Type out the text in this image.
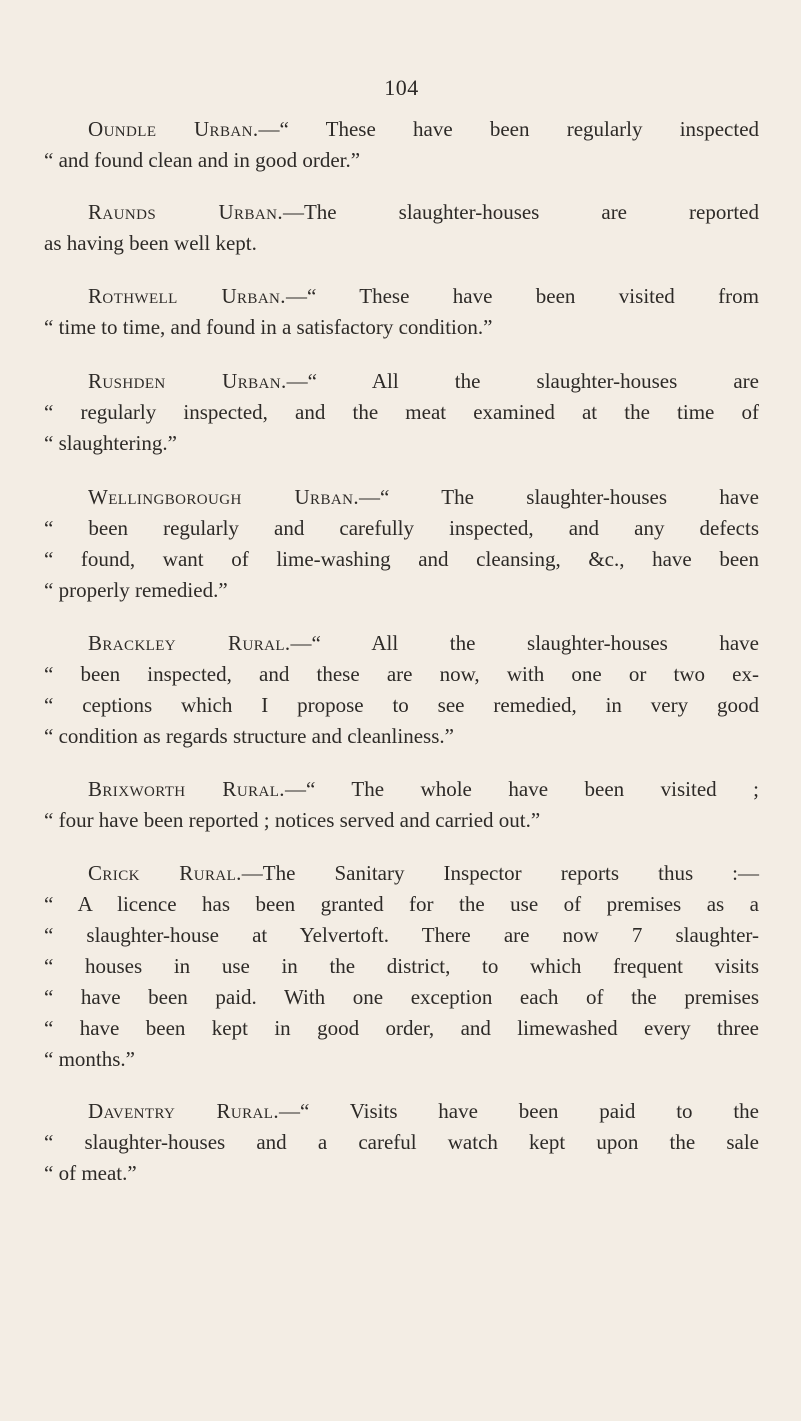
104
Oundle Urban.—“ These have been regularly inspected
“ and found clean and in good order.”
Raunds Urban.—The slaughter-houses are reported
as having been well kept.
Rothwell Urban.—“ These have been visited from
“ time to time, and found in a satisfactory condition.”
Rushden Urban.—“ All the slaughter-houses are
“ regularly inspected, and the meat examined at the time of
“ slaughtering.”
Wellingborough Urban.—“ The slaughter-houses have
“ been regularly and carefully inspected, and any defects
“ found, want of lime-washing and cleansing, &c., have been
“ properly remedied.”
Brackley Rural.—“ All the slaughter-houses have
“ been inspected, and these are now, with one or two ex-
“ ceptions which I propose to see remedied, in very good
“ condition as regards structure and cleanliness.”
Brixworth Rural.—“ The whole have been visited ;
“ four have been reported ; notices served and carried out.”
Crick Rural.—The Sanitary Inspector reports thus :—
“ A licence has been granted for the use of premises as a
“ slaughter-house at Yelvertoft. There are now 7 slaughter-
“ houses in use in the district, to which frequent visits
“ have been paid. With one exception each of the premises
“ have been kept in good order, and limewashed every three
“ months.”
Daventry Rural.—“ Visits have been paid to the
“ slaughter-houses and a careful watch kept upon the sale
“ of meat.”
